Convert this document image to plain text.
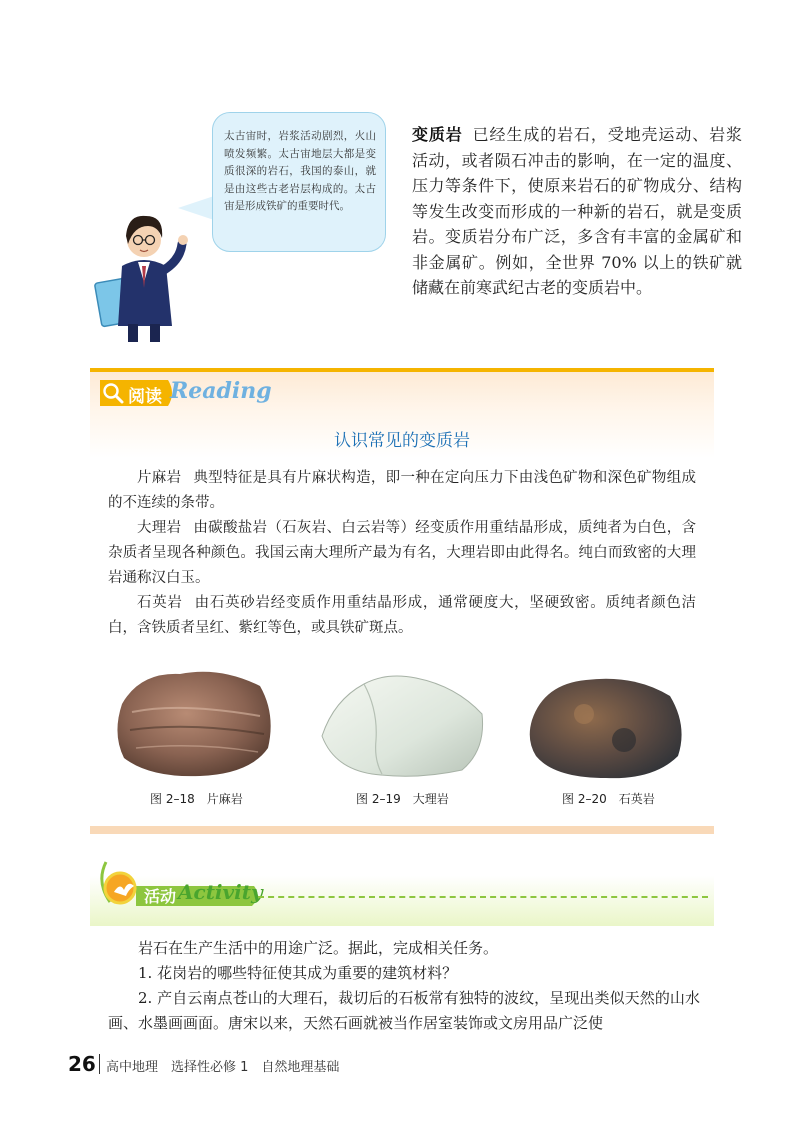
太古宙时，岩浆活动剧烈，火山喷发频繁。太古宙地层大都是变质很深的岩石，我国的泰山，就是由这些古老岩层构成的。太古宙是形成铁矿的重要时代。
变质岩 已经生成的岩石，受地壳运动、岩浆活动，或者陨石冲击的影响，在一定的温度、压力等条件下，使原来岩石的矿物成分、结构等发生改变而形成的一种新的岩石，就是变质岩。变质岩分布广泛，多含有丰富的金属矿和非金属矿。例如，全世界 70% 以上的铁矿就储藏在前寒武纪古老的变质岩中。
阅读 Reading
认识常见的变质岩

片麻岩 典型特征是具有片麻状构造，即一种在定向压力下由浅色矿物和深色矿物组成的不连续的条带。

大理岩 由碳酸盐岩（石灰岩、白云岩等）经变质作用重结晶形成，质纯者为白色，含杂质者呈现各种颜色。我国云南大理所产最为有名，大理岩即由此得名。纯白而致密的大理岩通称汉白玉。

石英岩 由石英砂岩经变质作用重结晶形成，通常硬度大，坚硬致密。质纯者颜色洁白，含铁质者呈红、紫红等色，或具铁矿斑点。

图 2–18　片麻岩	图 2–19　大理岩	图 2–20　石英岩
活动 Activity

岩石在生产生活中的用途广泛。据此，完成相关任务。

1. 花岗岩的哪些特征使其成为重要的建筑材料？

2. 产自云南点苍山的大理石，裁切后的石板常有独特的波纹，呈现出类似天然的山水画、水墨画画面。唐宋以来，天然石画就被当作居室装饰或文房用品广泛使

26 高中地理　选择性必修 1　自然地理基础
